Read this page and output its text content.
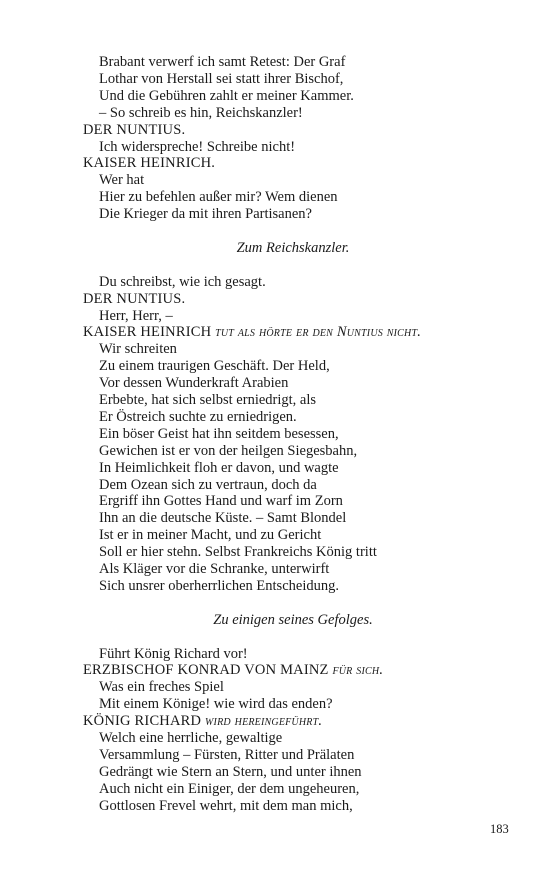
Brabant verwerf ich samt Retest: Der Graf
Lothar von Herstall sei statt ihrer Bischof,
Und die Gebühren zahlt er meiner Kammer.
– So schreib es hin, Reichskanzler!
DER NUNTIUS.
Ich widerspreche! Schreibe nicht!
KAISER HEINRICH.
Wer hat
Hier zu befehlen außer mir? Wem dienen
Die Krieger da mit ihren Partisanen?
Zum Reichskanzler.
Du schreibst, wie ich gesagt.
DER NUNTIUS.
Herr, Herr, –
KAISER HEINRICH tut als hörte er den Nuntius nicht.
Wir schreiten
Zu einem traurigen Geschäft. Der Held,
Vor dessen Wunderkraft Arabien
Erbebte, hat sich selbst erniedrigt, als
Er Östreich suchte zu erniedrigen.
Ein böser Geist hat ihn seitdem besessen,
Gewichen ist er von der heilgen Siegesbahn,
In Heimlichkeit floh er davon, und wagte
Dem Ozean sich zu vertraun, doch da
Ergriff ihn Gottes Hand und warf im Zorn
Ihn an die deutsche Küste. – Samt Blondel
Ist er in meiner Macht, und zu Gericht
Soll er hier stehn. Selbst Frankreichs König tritt
Als Kläger vor die Schranke, unterwirft
Sich unsrer oberherrlichen Entscheidung.
Zu einigen seines Gefolges.
Führt König Richard vor!
ERZBISCHOF KONRAD VON MAINZ für sich.
Was ein freches Spiel
Mit einem Könige! wie wird das enden?
KÖNIG RICHARD wird hereingeführt.
Welch eine herrliche, gewaltige
Versammlung – Fürsten, Ritter und Prälaten
Gedrängt wie Stern an Stern, und unter ihnen
Auch nicht ein Einiger, der dem ungeheuren,
Gottlosen Frevel wehrt, mit dem man mich,
183
